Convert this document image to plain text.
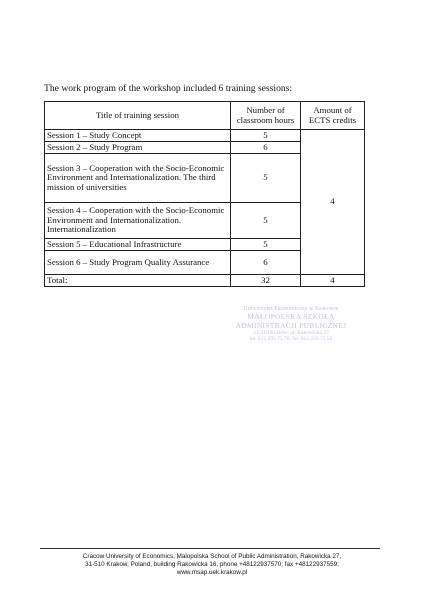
The work program of the workshop included 6 training sessions:
Title of training session	Number of classroom hours	Amount of ECTS credits
Session 1 – Study Concept	5	4
Session 2 – Study Program	6	
Session 3 – Cooperation with the Socio-Economic Environment and Internationalization. The third mission of universities	5	
Session 4 – Cooperation with the Socio-Economic Environment and Internationalization. Internationalization	5	
Session 5 – Educational Infrastructure	5	
Session 6 – Study Program Quality Assurance	6	
Total:	32	4
Uniwersytet Ekonomiczny w Krakowie
MAŁOPOLSKA SZKOŁA
ADMINISTRACJI PUBLICZNEJ
31-510 Kraków, ul. Rakowicka 27
tel. 012 293 75 70, fax 012 293 75 59
Cracow University of Economics, Malopolska School of Public Administration, Rakowicka 27,
31-510 Krakow, Poland, building Rakowicka 16, phone +48122937570; fax +48122937559;
www.msap.uek.krakow.pl
